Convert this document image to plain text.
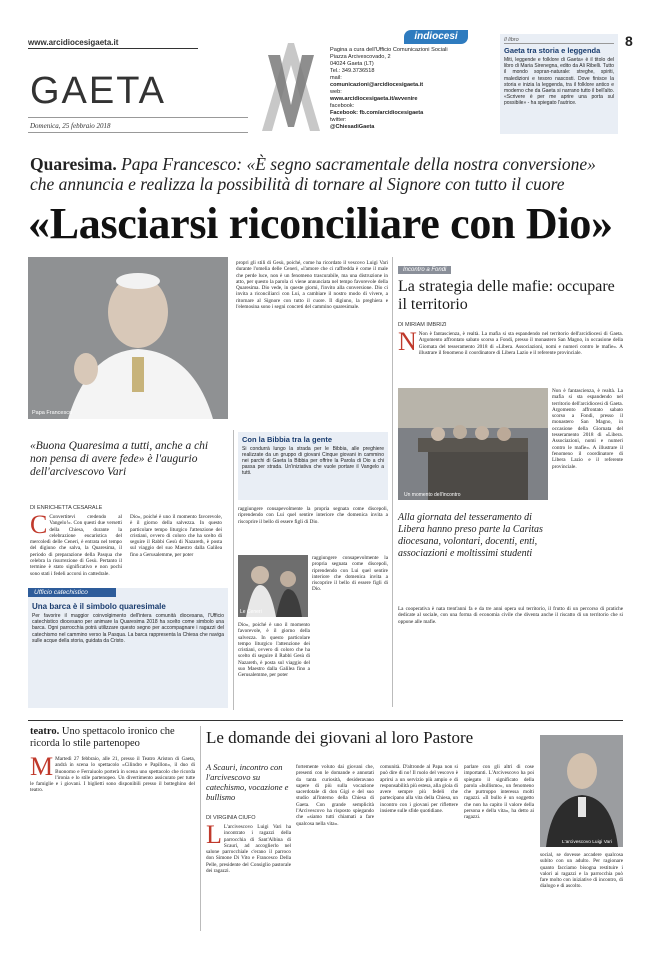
www.arcidiocesigaeta.it
GAETA
Domenica, 25 febbraio 2018
indiocesi
Pagina a cura dell'Ufficio Comunicazioni Sociali
Piazza Arcivescovado, 2
04024 Gaeta (LT)
Tel.: 349.3736518
mail:
comunicazioni@arcidiocesigaeta.it
web:
www.arcidiocesigaeta.it/avvenire
facebook:
Facebook: fb.com/arcidiocesigaeta
twitter:
@ChiesadiGaeta
Il libro
Gaeta tra storia e leggenda
Miti, leggende e folklore di Gaeta» è il titolo del libro di Maria Sirenegna, edito da Ali Ribelli. Tutto il mondo sopran-naturale: streghe, spiriti, maledizioni e tesoro nascosti. Dove finisce la storia e inizia la leggenda, tra il folklore antico e moderno che da Gaeta si narrano tutto il bell'alto. «Scrivere è per me aprire una porta sul possibile» - ha spiegato l'autrice.
8
Quaresima. Papa Francesco: «È segno sacramentale della nostra conversione» che annuncia e realizza la possibilità di tornare al Signore con tutto il cuore
«Lasciarsi riconciliare con Dio»
Papa Francesco
«Buona Quaresima a tutti, anche a chi non pensa di avere fede» è l'augurio dell'arcivescovo Vari
DI ENRICHETTA CESARALE
C Convertitevi credendo al Vangelo!». Con questi due versetti della Chiesa, durante la celebrazione eucaristica del mercoledì delle Ceneri, è entrata nel tempo del digiuno che salva, la Quaresima, il periodo di preparazione della Pasqua che celebra la risurrezione di Gesù. Pertanto il termine è stato significativo e non pochi sono stati i fedeli accorsi in cattedrale.
Dio», poiché è uno il momento favorevole, è il giorno della salvezza. In questo particolare tempo liturgico l'attenzione dei cristiani, ovvero di coloro che ha scelto di seguire il Rabbi Gesù di Nazareth, è posta sul viaggio del suo Maestro dalla Galilea fino a Gerusalemme, per poter
Ufficio catechistico
Una barca è il simbolo quaresimale
Per favorire il maggior coinvolgimento dell'intera comunità diocesana, l'Ufficio catechistico diocesano per animare la Quaresima 2018 ha scelto come simbolo una barca. Ogni parrocchia potrà utilizzare questo segno per accompagnare i ragazzi del catechismo nel cammino verso la Pasqua. La barca rappresenta la Chiesa che naviga sulle acque della storia, guidata da Cristo.
Con la Bibbia tra la gente
Si condurrà lungo la strada per le Bibbia, alle preghiere realizzate da un gruppo di giovani Cinque giovani in cammino nei parchi di Gaeta la Bibbia per offrire la Parola di Dio a chi passa per strada. Un'iniziativa che vuole portare il Vangelo a tutti.
raggiungere consapevolmente la propria segnata come discepoli, riprendendo con Lui quel sentire interiore che domenica invita a riscoprire il bello di essere figli di Dio.
Le Ceneri
raggiungere consapevolmente la propria segnata come discepoli, riprendendo con Lui quel sentire interiore che domenica invita a riscoprire il bello di essere figli di Dio.
Dio», poiché è uno il momento favorevole, è il giorno della salvezza. In questo particolare tempo liturgico l'attenzione dei cristiani, ovvero di coloro che ha scelto di seguire il Rabbi Gesù di Nazareth, è posta sul viaggio del suo Maestro dalla Galilea fino a Gerusalemme, per poter
propri gli stili di Gesù, poiché, come ha ricordato il vescovo Luigi Vari durante l'omelia delle Ceneri, «l'amore che ci raffredda è come il male che perde luce, non è un fenomeno trascurabile, ma una distruzione in atto, per questo la parola ci viene annunciata nel tempo favorevole della Quaresima. Dio vede, in queste giorni, l'invito alla conversione. Dio ci invita a riconciliarci con Lui, a cambiare il nostro modo di vivere, a ritornare al Signore con tutto il cuore. Il digiuno, la preghiera e l'elemosina sono i segni concreti del cammino quaresimale.
Incontro a Fondi
La strategia delle mafie: occupare il territorio
DI MIRIAM IMBRIZI
N Non è fantascienza, è realtà. La mafia si sta espandendo nel territorio dell'arcidiocesi di Gaeta. Argomento affrontato sabato scorso a Fondi, presso il monastero San Magno, in occasione della Giornata del tesseramento 2018 di «Libera. Associazioni, nomi e numeri contro le mafie». A illustrare il fenomeno il coordinatore di Libera Lazio e il referente provinciale.
Un momento dell'incontro
Non è fantascienza, è realtà. La mafia si sta espandendo nel territorio dell'arcidiocesi di Gaeta. Argomento affrontato sabato scorso a Fondi, presso il monastero San Magno, in occasione della Giornata del tesseramento 2018 di «Libera. Associazioni, nomi e numeri contro le mafie». A illustrare il fenomeno il coordinatore di Libera Lazio e il referente provinciale.
Alla giornata del tesseramento di Libera hanno preso parte la Caritas diocesana, volontari, docenti, enti, associazioni e moltissimi studenti
La cooperativa è nata trent'anni fa e da tre anni opera sul territorio, il frutto di un percorso di pratiche dedicate al sociale, con una forma di economia civile che diventa anche il riscatto di un territorio che si oppone alle mafie.
teatro. Uno spettacolo ironico che ricorda lo stile partenopeo
M Martedì 27 febbraio, alle 21, presso il Teatro Ariston di Gaeta, andrà in scena lo spettacolo «Cilindro e Papillon», il duo di Buonomo e Ferraiuolo porterà in scena uno spettacolo che ricorda l'ironia e lo stile partenopeo. Un divertimento assicurato per tutte le famiglie e i giovani. I biglietti sono disponibili presso il botteghino del teatro.
Le domande dei giovani al loro Pastore
A Scauri, incontro con l'arcivescovo su catechismo, vocazione e bullismo
DI VIRGINIA CIUFO
L L'arcivescovo Luigi Vari ha incontrato i ragazzi della parrocchia di Sant'Albina di Scauri, ad accoglierlo nel salone parrocchiale c'erano il parroco don Simone Di Vito e Francesco Della Pelle, presidente del Consiglio pastorale dei ragazzi.
fortemente voluto dai giovani che, presenti con le domande e annotati da tanta curiosità, desideravano sapere di più sulla vocazione sacerdotale di don Gigi e del suo studio all'interno della Chiesa di Gaeta. Con grande semplicità l'Arcivescovo ha risposto spiegando che «siamo tutti chiamati a fare qualcosa nella vita».
comunità. D'altronde al Papa non si può dire di no! Il ruolo del vescovo è aprirsi a un servizio più ampio e di responsabilità più estesa, alla gioia di avere sempre più fedeli che partecipano alla vita della Chiesa, un incontro con i giovani per riflettere insieme sulle sfide quotidiane.
parlare con gli altri di cose importanti. L'Arcivescovo ha poi spiegato il significato della parola «bullismo», un fenomeno che purtroppo interessa molti ragazzi. «Il bullo è un soggetto che non ha capito il valore della persona e della vita», ha detto ai ragazzi.
L'arcivescovo Luigi Vari
social, se dovesse accadere qualcosa subito con un adulto. Per ragionare quanto facciamo bisogna restituire i valori ai ragazzi e la parrocchia può fare molto con iniziative di incontro, di dialogo e di ascolto.
